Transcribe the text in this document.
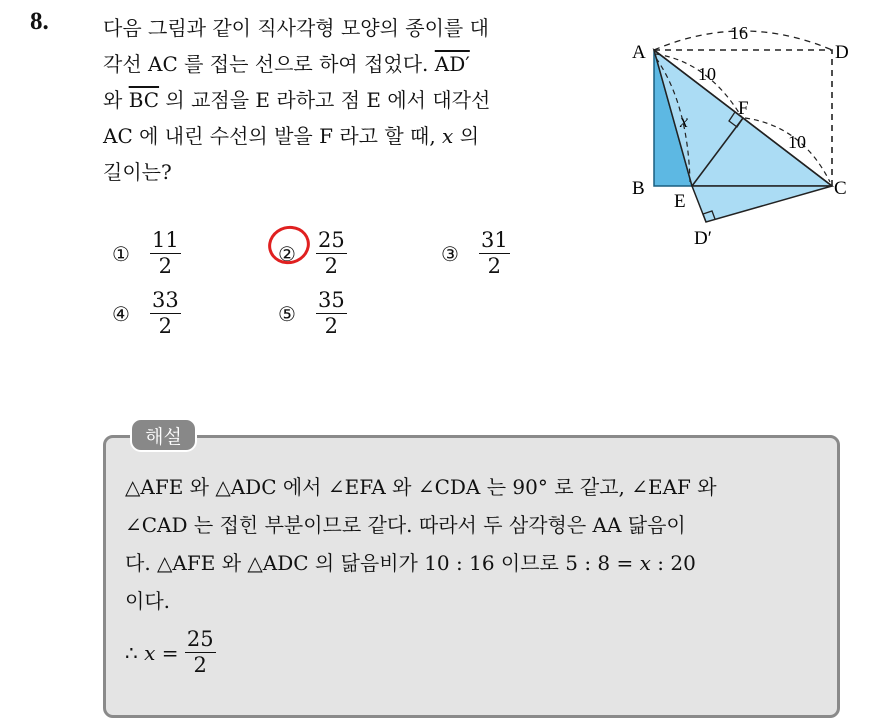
8.	다음 그림과 같이 직사각형 모양의 종이를 대
각선 AC 를 접는 선으로 하여 접었다. AD′
와 $\overline{BC}$ 의 교점을 E 라하고 점 E 에서 대각선
AC 에 내린 수선의 발을 F 라고 할 때, x 의
길이는?
A	D
B	C
E
F
D′
x
16
10
10
① $\frac{11}{2}$	② $\frac{25}{2}$	③ $\frac{31}{2}$
④ $\frac{33}{2}$	⑤ $\frac{35}{2}$
해설
△AFE 와 △ADC 에서 ∠EFA 와 ∠CDA 는 90° 로 같고, ∠EAF 와
∠CAD 는 접힌 부분이므로 같다. 따라서 두 삼각형은 AA 닮음이
다. △AFE 와 △ADC 의 닮음비가 10 : 16 이므로 5 : 8 = x : 20
이다.
∴
x
=
$\frac{25}{2}$
